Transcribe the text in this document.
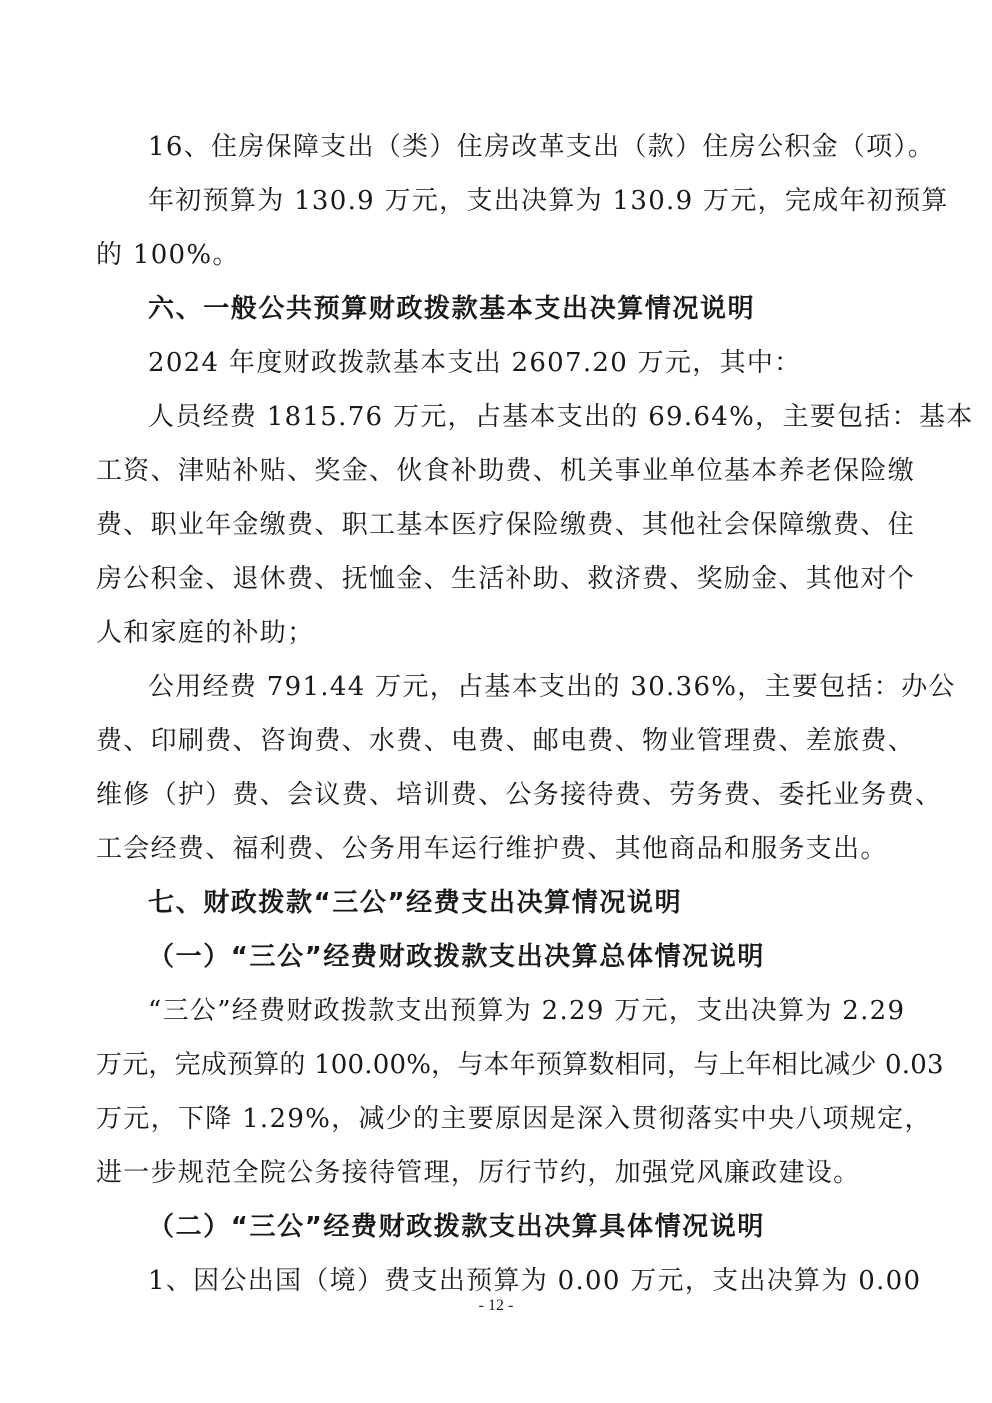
16、住房保障支出（类）住房改革支出（款）住房公积金（项）。
年初预算为 130.9 万元，支出决算为 130.9 万元，完成年初预算
的 100%。
六、一般公共预算财政拨款基本支出决算情况说明
2024 年度财政拨款基本支出 2607.20 万元，其中：
人员经费 1815.76 万元，占基本支出的 69.64%，主要包括：基本
工资、津贴补贴、奖金、伙食补助费、机关事业单位基本养老保险缴
费、职业年金缴费、职工基本医疗保险缴费、其他社会保障缴费、住
房公积金、退休费、抚恤金、生活补助、救济费、奖励金、其他对个
人和家庭的补助；
公用经费 791.44 万元，占基本支出的 30.36%，主要包括：办公
费、印刷费、咨询费、水费、电费、邮电费、物业管理费、差旅费、
维修（护）费、会议费、培训费、公务接待费、劳务费、委托业务费、
工会经费、福利费、公务用车运行维护费、其他商品和服务支出。
七、财政拨款“三公”经费支出决算情况说明
（一）“三公”经费财政拨款支出决算总体情况说明
“三公”经费财政拨款支出预算为 2.29 万元，支出决算为 2.29
万元，完成预算的 100.00%，与本年预算数相同，与上年相比减少 0.03
万元，下降 1.29%，减少的主要原因是深入贯彻落实中央八项规定，
进一步规范全院公务接待管理，厉行节约，加强党风廉政建设。
（二）“三公”经费财政拨款支出决算具体情况说明
1、因公出国（境）费支出预算为 0.00 万元，支出决算为 0.00
- 12 -
